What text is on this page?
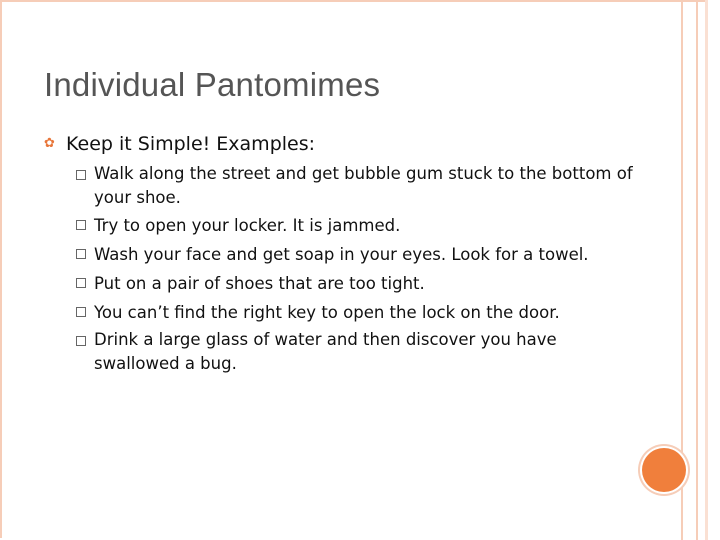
Individual Pantomimes
✿ Keep it Simple! Examples:
Walk along the street and get bubble gum stuck to the bottom of your shoe.
Try to open your locker. It is jammed.
Wash your face and get soap in your eyes. Look for a towel.
Put on a pair of shoes that are too tight.
You can’t find the right key to open the lock on the door.
Drink a large glass of water and then discover you have swallowed a bug.
